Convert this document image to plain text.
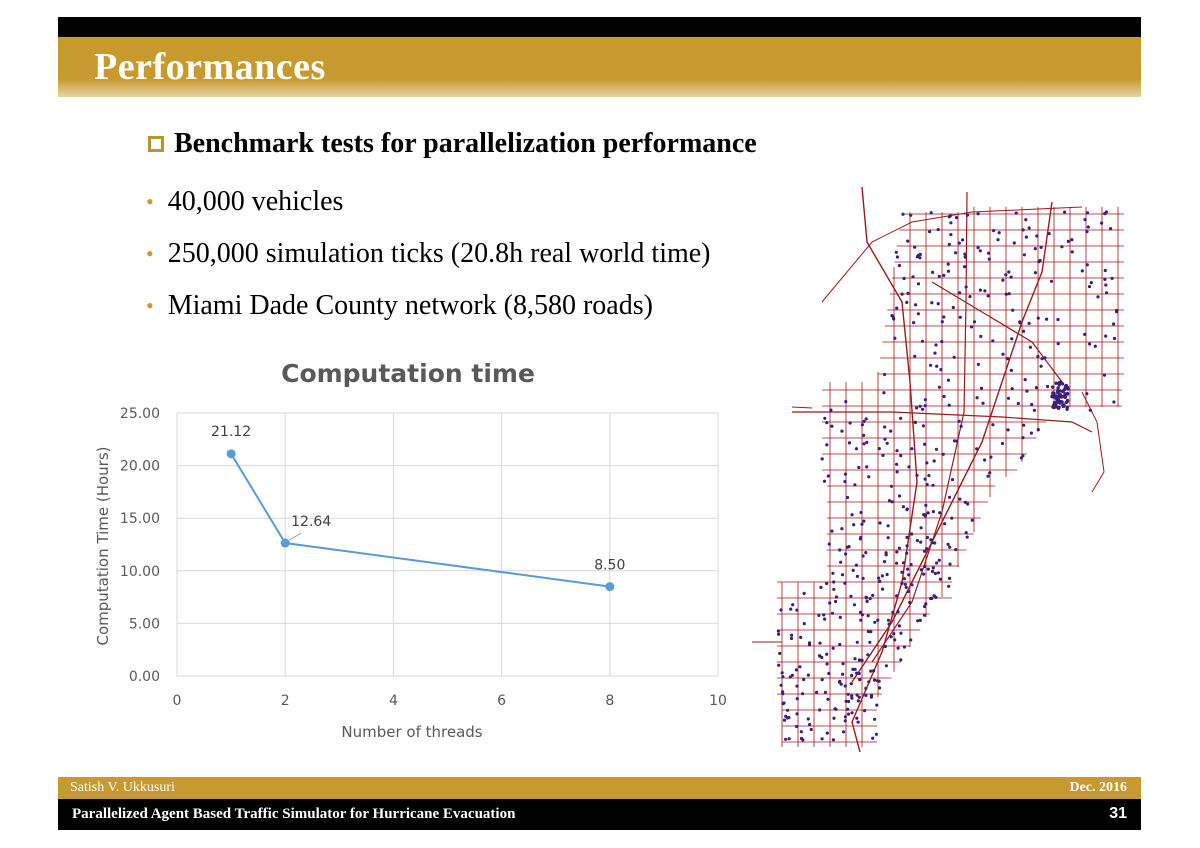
Performances
Benchmark tests for parallelization performance
• 40,000 vehicles
• 250,000 simulation ticks (20.8h real world time)
• Miami Dade County network (8,580 roads)
Computation time
0.00
5.00
10.00
15.00
20.00
25.00
0	2	4	6	8	10
21.12
12.64
8.50
Number of threads
Computation Time (Hours)
Satish V. Ukkusuri	Dec. 2016
Parallelized Agent Based Traffic Simulator for Hurricane Evacuation	31
